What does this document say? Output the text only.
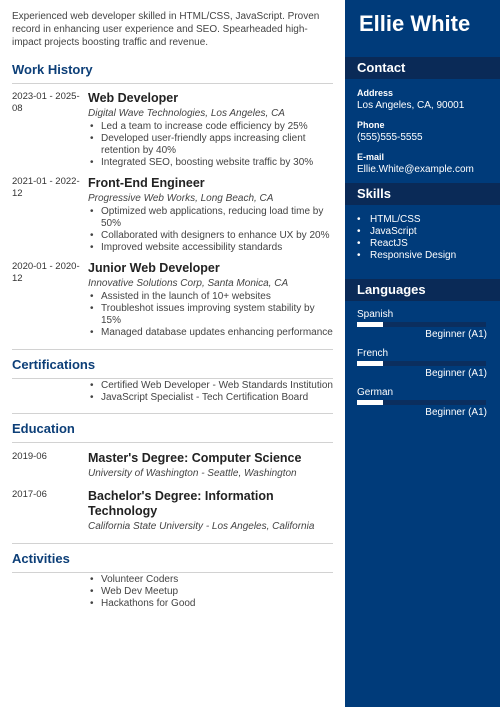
Experienced web developer skilled in HTML/CSS, JavaScript. Proven record in enhancing user experience and SEO. Spearheaded high-impact projects boosting traffic and revenue.

Work History
2023-01 - 2025-08
Web Developer
Digital Wave Technologies, Los Angeles, CA
• Led a team to increase code efficiency by 25%
• Developed user-friendly apps increasing client retention by 40%
• Integrated SEO, boosting website traffic by 30%
2021-01 - 2022-12
Front-End Engineer
Progressive Web Works, Long Beach, CA
• Optimized web applications, reducing load time by 50%
• Collaborated with designers to enhance UX by 20%
• Improved website accessibility standards
2020-01 - 2020-12
Junior Web Developer
Innovative Solutions Corp, Santa Monica, CA
• Assisted in the launch of 10+ websites
• Troubleshot issues improving system stability by 15%
• Managed database updates enhancing performance
Certifications
• Certified Web Developer - Web Standards Institution
• JavaScript Specialist - Tech Certification Board
Education
2019-06	Master's Degree: Computer Science
University of Washington - Seattle, Washington
2017-06	Bachelor's Degree: Information Technology
California State University - Los Angeles, California
Activities
• Volunteer Coders
• Web Dev Meetup
• Hackathons for Good
Ellie White
Contact
Address
Los Angeles, CA, 90001
Phone
(555)555-5555
E-mail
Ellie.White@example.com
Skills
• HTML/CSS
• JavaScript
• ReactJS
• Responsive Design
Languages
Spanish
Beginner (A1)
French
Beginner (A1)
German
Beginner (A1)
